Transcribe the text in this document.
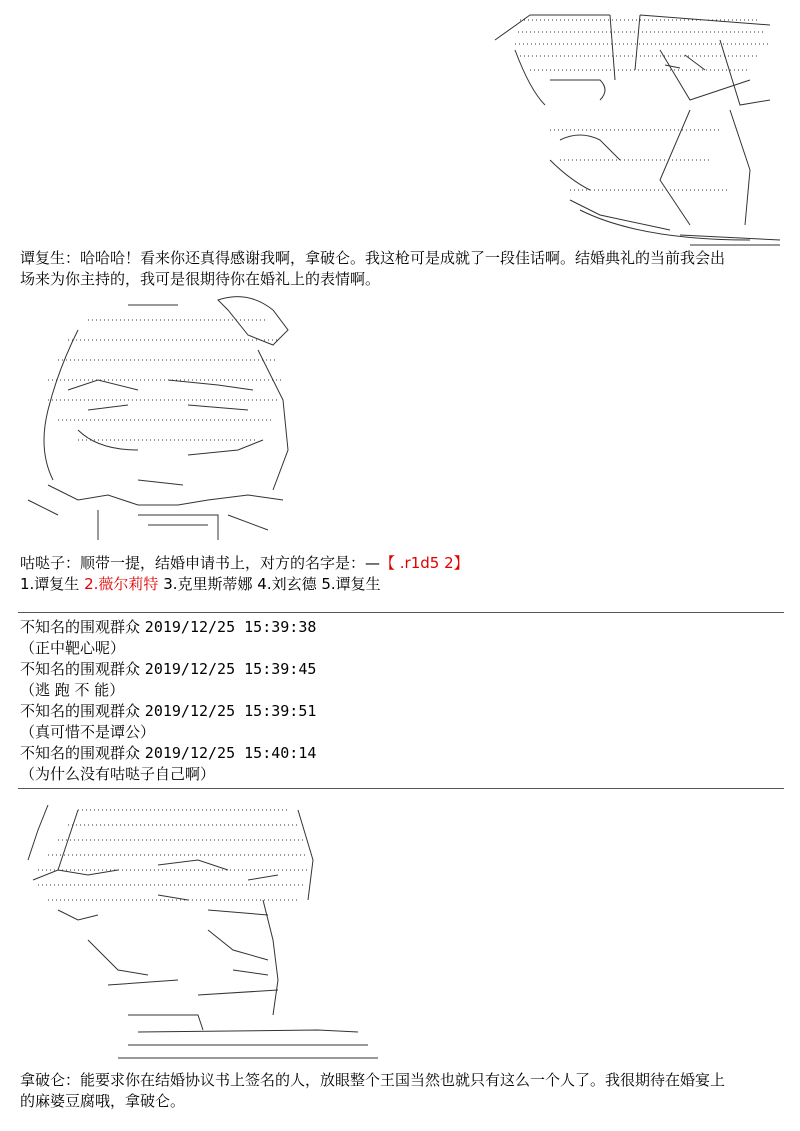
谭复生：哈哈哈！看来你还真得感谢我啊，拿破仑。我这枪可是成就了一段佳话啊。结婚典礼的当前我会出
场来为你主持的，我可是很期待你在婚礼上的表情啊。
咕哒子：顺带一提，结婚申请书上，对方的名字是：—【 .r1d5 2】
1.谭复生 2.薇尔莉特 3.克里斯蒂娜 4.刘玄德 5.谭复生
不知名的围观群众 2019/12/25 15:39:38
（正中靶心呢）
不知名的围观群众 2019/12/25 15:39:45
（逃 跑 不 能）
不知名的围观群众 2019/12/25 15:39:51
（真可惜不是谭公）
不知名的围观群众 2019/12/25 15:40:14
（为什么没有咕哒子自己啊）
拿破仑：能要求你在结婚协议书上签名的人，放眼整个王国当然也就只有这么一个人了。我很期待在婚宴上
的麻婆豆腐哦，拿破仑。
